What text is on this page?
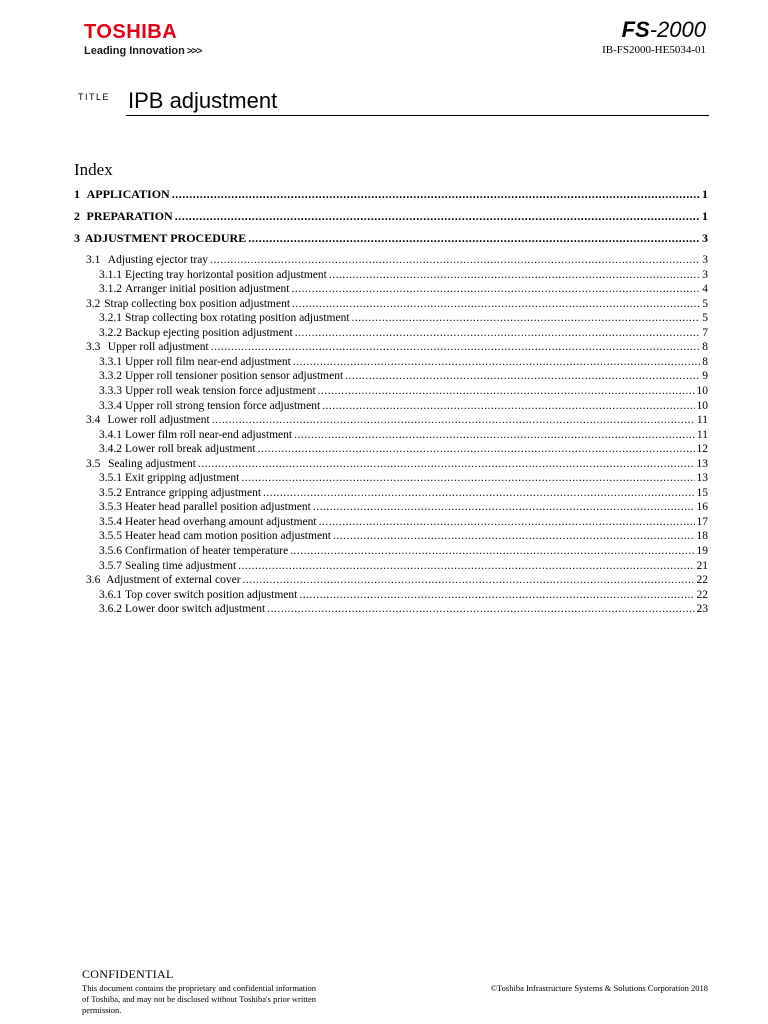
TOSHIBA
Leading Innovation >>>
FS-2000
IB-FS2000-HE5034-01
TITLE IPB adjustment
Index
1 APPLICATION .....	1
2 PREPARATION .....	1
3 ADJUSTMENT PROCEDURE .....	3
3.1 Adjusting ejector tray .....	3
3.1.1 Ejecting tray horizontal position adjustment .....	3
3.1.2 Arranger initial position adjustment .....	4
3.2 Strap collecting box position adjustment .....	5
3.2.1 Strap collecting box rotating position adjustment .....	5
3.2.2 Backup ejecting position adjustment .....	7
3.3 Upper roll adjustment .....	8
3.3.1 Upper roll film near-end adjustment .....	8
3.3.2 Upper roll tensioner position sensor adjustment .....	9
3.3.3 Upper roll weak tension force adjustment .....	10
3.3.4 Upper roll strong tension force adjustment .....	10
3.4 Lower roll adjustment .....	11
3.4.1 Lower film roll near-end adjustment .....	11
3.4.2 Lower roll break adjustment .....	12
3.5 Sealing adjustment .....	13
3.5.1 Exit gripping adjustment .....	13
3.5.2 Entrance gripping adjustment .....	15
3.5.3 Heater head parallel position adjustment .....	16
3.5.4 Heater head overhang amount adjustment .....	17
3.5.5 Heater head cam motion position adjustment .....	18
3.5.6 Confirmation of heater temperature .....	19
3.5.7 Sealing time adjustment .....	21
3.6 Adjustment of external cover .....	22
3.6.1 Top cover switch position adjustment .....	22
3.6.2 Lower door switch adjustment .....	23
CONFIDENTIAL
This document contains the proprietary and confidential information of Toshiba, and may not be disclosed without Toshiba's prior written permission.
©Toshiba Infrastructure Systems & Solutions Corporation 2018
